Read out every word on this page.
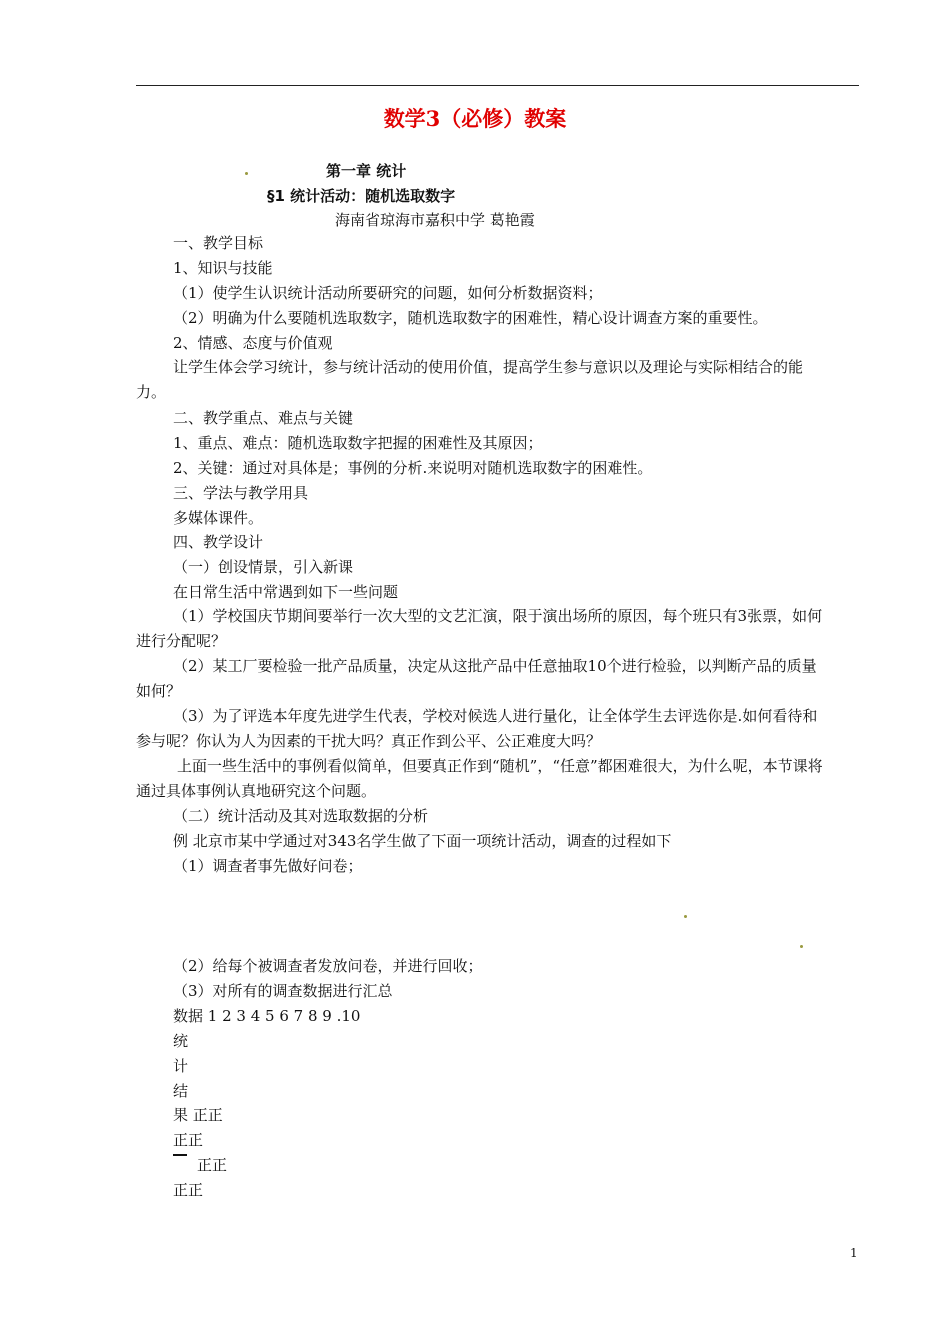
数学3（必修）教案
第一章 统计
§1 统计活动：随机选取数字
海南省琼海市嘉积中学 葛艳霞
一、教学目标
1、知识与技能
（1）使学生认识统计活动所要研究的问题，如何分析数据资料；
（2）明确为什么要随机选取数字，随机选取数字的困难性，精心设计调查方案的重要性。
2、情感、态度与价值观
让学生体会学习统计，参与统计活动的使用价值，提高学生参与意识以及理论与实际相结合的能力。
二、教学重点、难点与关键
1、重点、难点：随机选取数字把握的困难性及其原因；
2、关键：通过对具体是；事例的分析.来说明对随机选取数字的困难性。
三、学法与教学用具
多媒体课件。
四、教学设计
（一）创设情景，引入新课
在日常生活中常遇到如下一些问题
（1）学校国庆节期间要举行一次大型的文艺汇演，限于演出场所的原因，每个班只有3张票，如何进行分配呢？
（2）某工厂要检验一批产品质量，决定从这批产品中任意抽取10个进行检验，以判断产品的质量如何？
（3）为了评选本年度先进学生代表，学校对候选人进行量化，让全体学生去评选你是.如何看待和参与呢？你认为人为因素的干扰大吗？真正作到公平、公正难度大吗？
上面一些生活中的事例看似简单，但要真正作到“随机”，“任意”都困难很大，为什么呢，本节课将通过具体事例认真地研究这个问题。
（二）统计活动及其对选取数据的分析
例 北京市某中学通过对343名学生做了下面一项统计活动，调查的过程如下
（1）调查者事先做好问卷；
（2）给每个被调查者发放问卷，并进行回收；
（3）对所有的调查数据进行汇总
数据 1 2 3 4 5 6 7 8 9 .10
统
计
结
果 正正
正正
正正
正正
1
